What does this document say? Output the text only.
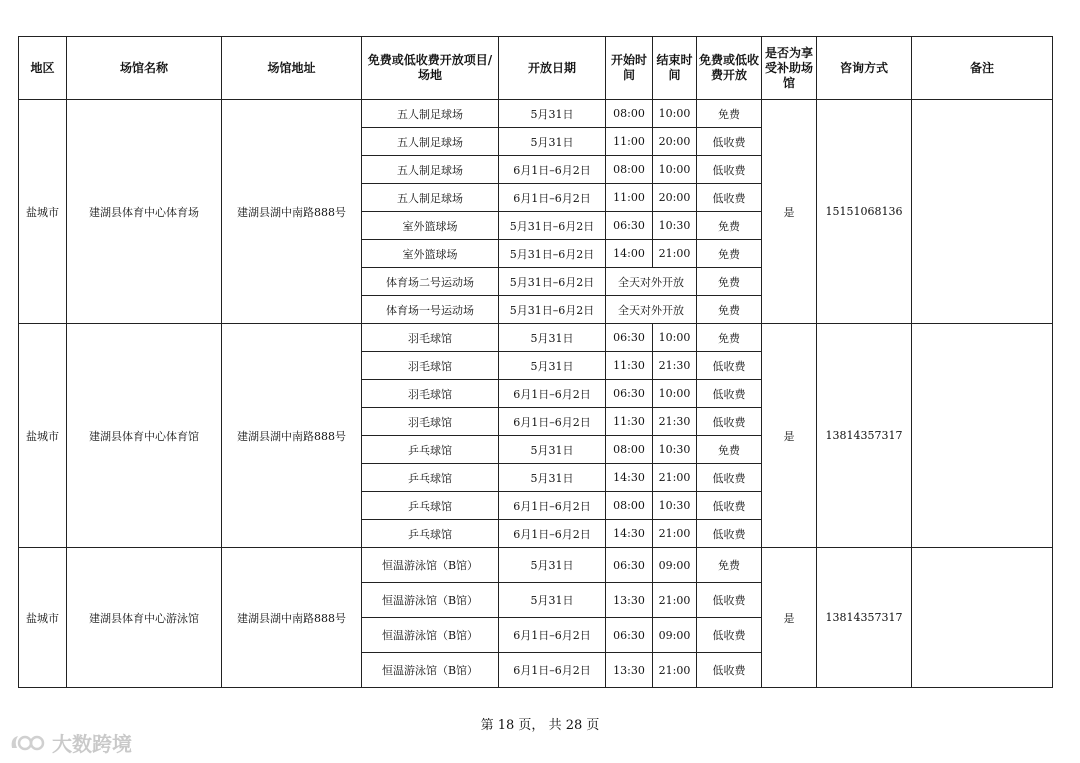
地区	场馆名称	场馆地址	免费或低收费开放项目/场地	开放日期	开始时间	结束时间	免费或低收费开放	是否为享受补助场馆	咨询方式	备注
盐城市	建湖县体育中心体育场	建湖县湖中南路888号	五人制足球场	5月31日	08:00	10:00	免费	是	15151068136	
			五人制足球场	5月31日	11:00	20:00	低收费			
			五人制足球场	6月1日–6月2日	08:00	10:00	低收费			
			五人制足球场	6月1日–6月2日	11:00	20:00	低收费			
			室外篮球场	5月31日–6月2日	06:30	10:30	免费			
			室外篮球场	5月31日–6月2日	14:00	21:00	免费			
			体育场二号运动场	5月31日–6月2日	全天对外开放		免费			
			体育场一号运动场	5月31日–6月2日	全天对外开放		免费			
盐城市	建湖县体育中心体育馆	建湖县湖中南路888号	羽毛球馆	5月31日	06:30	10:00	免费	是	13814357317	
			羽毛球馆	5月31日	11:30	21:30	低收费			
			羽毛球馆	6月1日–6月2日	06:30	10:00	低收费			
			羽毛球馆	6月1日–6月2日	11:30	21:30	低收费			
			乒乓球馆	5月31日	08:00	10:30	免费			
			乒乓球馆	5月31日	14:30	21:00	低收费			
			乒乓球馆	6月1日–6月2日	08:00	10:30	低收费			
			乒乓球馆	6月1日–6月2日	14:30	21:00	低收费			
盐城市	建湖县体育中心游泳馆	建湖县湖中南路888号	恒温游泳馆（B馆）	5月31日	06:30	09:00	免费	是	13814357317	
			恒温游泳馆（B馆）	5月31日	13:30	21:00	低收费			
			恒温游泳馆（B馆）	6月1日–6月2日	06:30	09:00	低收费			
			恒温游泳馆（B馆）	6月1日–6月2日	13:30	21:00	低收费			
第 18 页， 共 28 页
大数跨境
